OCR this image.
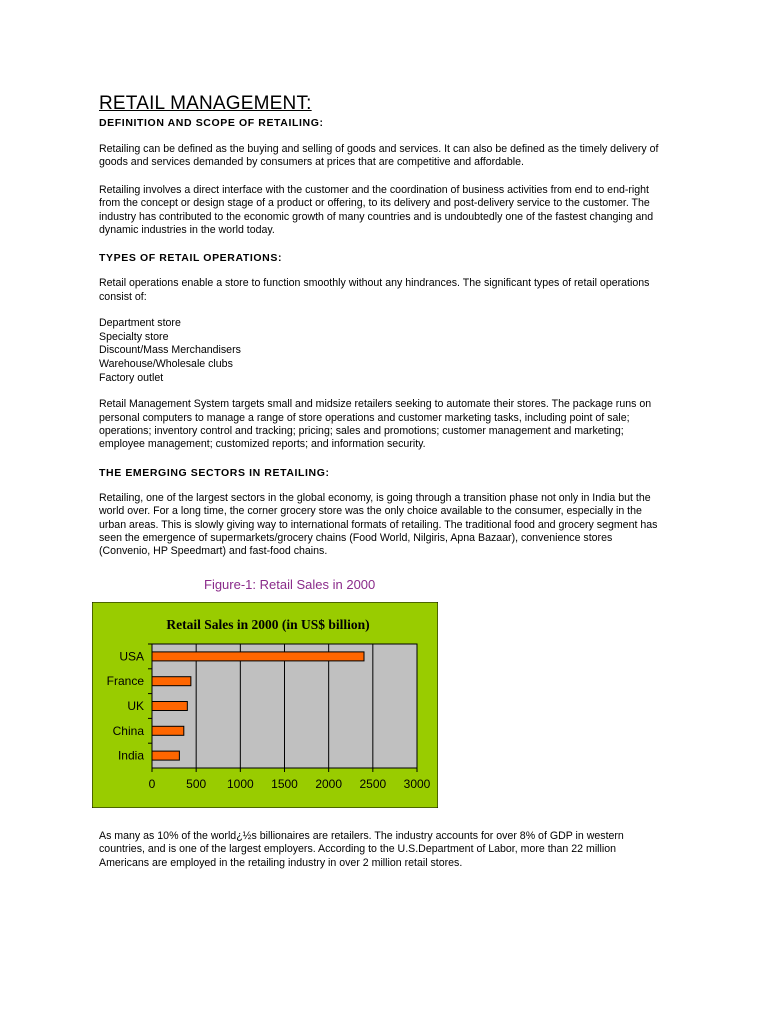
RETAIL MANAGEMENT:
DEFINITION AND SCOPE OF RETAILING:

Retailing can be defined as the buying and selling of goods and services. It can also be defined as the timely delivery of goods and services demanded by consumers at prices that are competitive and affordable.

Retailing involves a direct interface with the customer and the coordination of business activities from end to end-right from the concept or design stage of a product or offering, to its delivery and post-delivery service to the customer. The industry has contributed to the economic growth of many countries and is undoubtedly one of the fastest changing and dynamic industries in the world today.

TYPES OF RETAIL OPERATIONS:

Retail operations enable a store to function smoothly without any hindrances. The significant types of retail operations consist of:

Department store
Specialty store
Discount/Mass Merchandisers
Warehouse/Wholesale clubs
Factory outlet

Retail Management System targets small and midsize retailers seeking to automate their stores. The package runs on personal computers to manage a range of store operations and customer marketing tasks, including point of sale; operations; inventory control and tracking; pricing; sales and promotions; customer management and marketing; employee management; customized reports; and information security.

THE EMERGING SECTORS IN RETAILING:

Retailing, one of the largest sectors in the global economy, is going through a transition phase not only in India but the world over. For a long time, the corner grocery store was the only choice available to the consumer, especially in the urban areas. This is slowly giving way to international formats of retailing. The traditional food and grocery segment has seen the emergence of supermarkets/grocery chains (Food World, Nilgiris, Apna Bazaar), convenience stores (Convenio, HP Speedmart) and fast-food chains.

Figure-1: Retail Sales in 2000
Retail Sales in 2000 (in US$ billion)
0	500 1000 1500 2000 2500 3000
USA
France
UK
China
India

As many as 10% of the world¿½s billionaires are retailers. The industry accounts for over 8% of GDP in western countries, and is one of the largest employers. According to the U.S.Department of Labor, more than 22 million Americans are employed in the retailing industry in over 2 million retail stores.
